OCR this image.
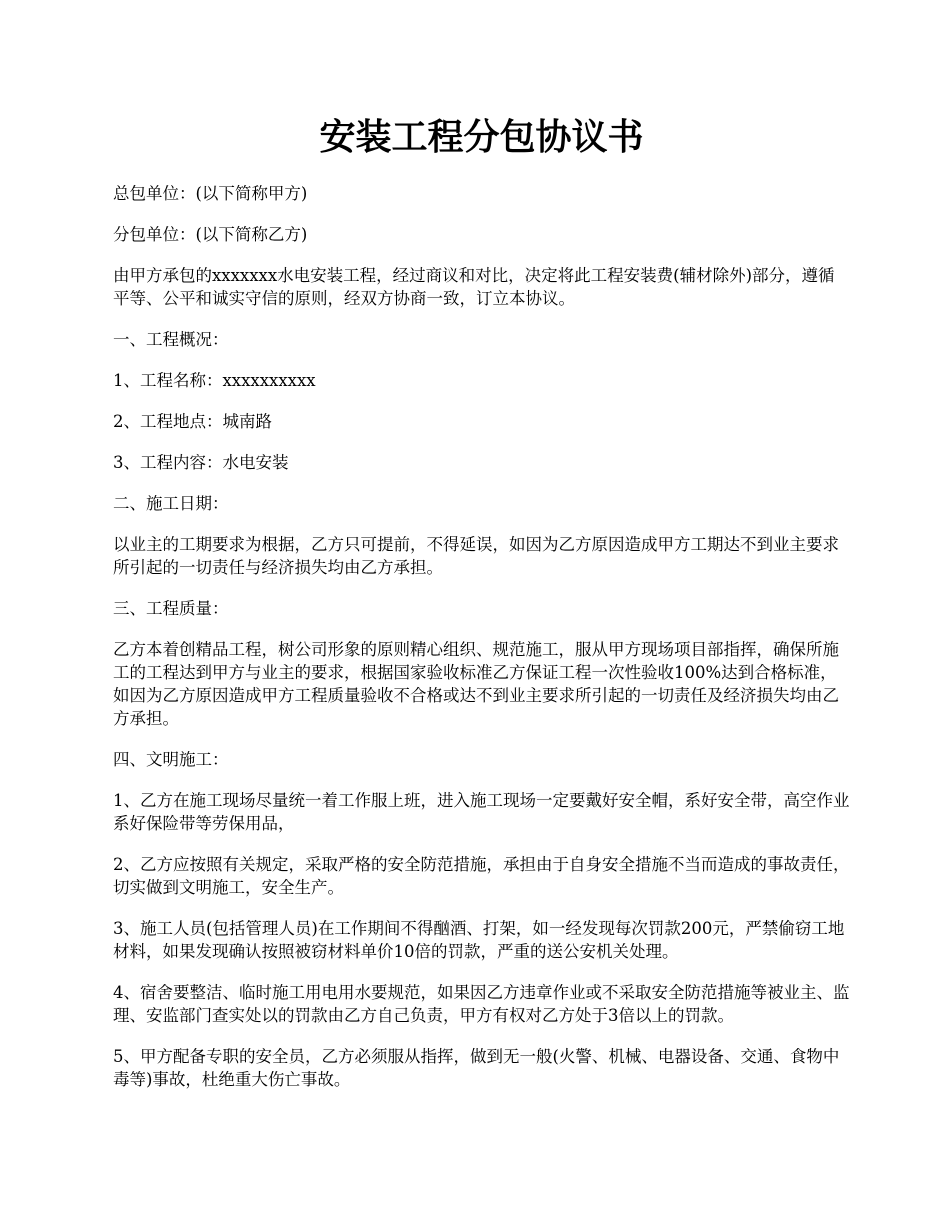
安装工程分包协议书

总包单位：(以下简称甲方)

分包单位：(以下简称乙方)

由甲方承包的xxxxxxx水电安装工程，经过商议和对比，决定将此工程安装费(辅材除外)部分，遵循平等、公平和诚实守信的原则，经双方协商一致，订立本协议。

一、工程概况：

1、工程名称：xxxxxxxxxx

2、工程地点：城南路

3、工程内容：水电安装

二、施工日期：

以业主的工期要求为根据，乙方只可提前，不得延误，如因为乙方原因造成甲方工期达不到业主要求所引起的一切责任与经济损失均由乙方承担。

三、工程质量：

乙方本着创精品工程，树公司形象的原则精心组织、规范施工，服从甲方现场项目部指挥，确保所施工的工程达到甲方与业主的要求，根据国家验收标准乙方保证工程一次性验收100%达到合格标准，如因为乙方原因造成甲方工程质量验收不合格或达不到业主要求所引起的一切责任及经济损失均由乙方承担。

四、文明施工：

1、乙方在施工现场尽量统一着工作服上班，进入施工现场一定要戴好安全帽，系好安全带，高空作业系好保险带等劳保用品，

2、乙方应按照有关规定，采取严格的安全防范措施，承担由于自身安全措施不当而造成的事故责任，切实做到文明施工，安全生产。

3、施工人员(包括管理人员)在工作期间不得酗酒、打架，如一经发现每次罚款200元，严禁偷窃工地材料，如果发现确认按照被窃材料单价10倍的罚款，严重的送公安机关处理。

4、宿舍要整洁、临时施工用电用水要规范，如果因乙方违章作业或不采取安全防范措施等被业主、监理、安监部门查实处以的罚款由乙方自己负责，甲方有权对乙方处于3倍以上的罚款。

5、甲方配备专职的安全员，乙方必须服从指挥，做到无一般(火警、机械、电器设备、交通、食物中毒等)事故，杜绝重大伤亡事故。
